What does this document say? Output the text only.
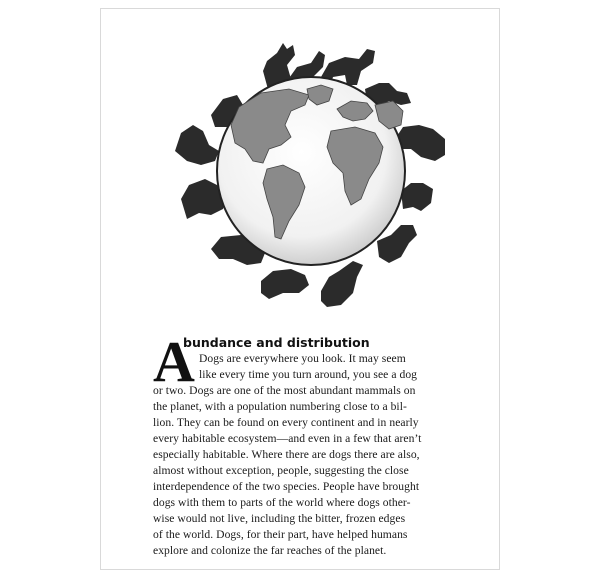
A
bundance and distribution
Dogs are everywhere you look. It may seem
like every time you turn around, you see a dog
or two. Dogs are one of the most abundant mammals on
the planet, with a population numbering close to a bil-
lion. They can be found on every continent and in nearly
every habitable ecosystem—and even in a few that aren’t
especially habitable. Where there are dogs there are also,
almost without exception, people, suggesting the close
interdependence of the two species. People have brought
dogs with them to parts of the world where dogs other-
wise would not live, including the bitter, frozen edges
of the world. Dogs, for their part, have helped humans
explore and colonize the far reaches of the planet.
